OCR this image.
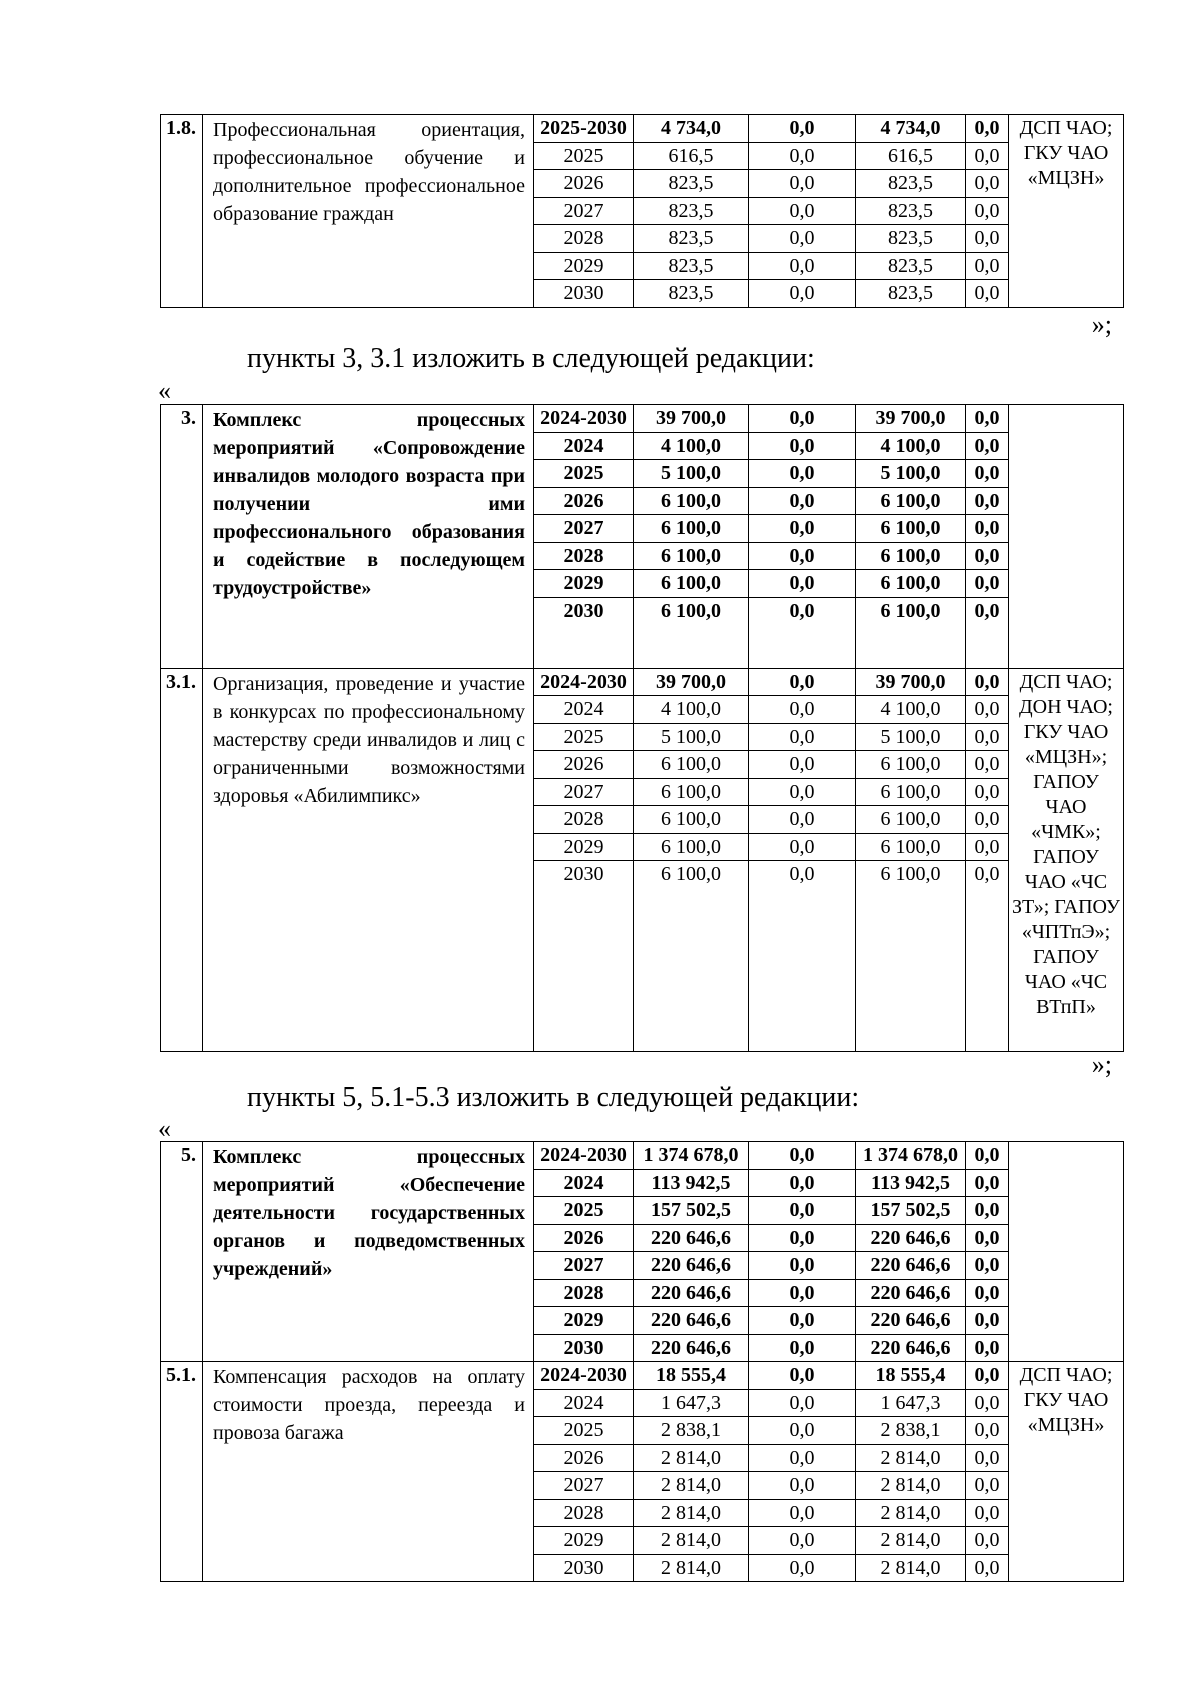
1.8.	Профессиональная ориентация, профессиональное обучение и дополнительное профессиональное образование граждан	2025-2030	4 734,0	0,0	4 734,0	0,0	ДСП ЧАО; ГКУ ЧАО «МЦЗН»
		2025	616,5	0,0	616,5	0,0	
		2026	823,5	0,0	823,5	0,0	
		2027	823,5	0,0	823,5	0,0	
		2028	823,5	0,0	823,5	0,0	
		2029	823,5	0,0	823,5	0,0	
		2030	823,5	0,0	823,5	0,0	
»;
пункты 3, 3.1 изложить в следующей редакции:
«
3.	Комплекс процессных мероприятий «Сопровождение инвалидов молодого возраста при получении ими профессионального образования и содействие в последующем трудоустройстве»	2024-2030	39 700,0	0,0	39 700,0	0,0	
		2024	4 100,0	0,0	4 100,0	0,0	
		2025	5 100,0	0,0	5 100,0	0,0	
		2026	6 100,0	0,0	6 100,0	0,0	
		2027	6 100,0	0,0	6 100,0	0,0	
		2028	6 100,0	0,0	6 100,0	0,0	
		2029	6 100,0	0,0	6 100,0	0,0	
		2030	6 100,0	0,0	6 100,0	0,0	
3.1.	Организация, проведение и участие в конкурсах по профессиональному мастерству среди инвалидов и лиц с ограниченными возможностями здоровья «Абилимпикс»	2024-2030	39 700,0	0,0	39 700,0	0,0	ДСП ЧАО; ДОН ЧАО; ГКУ ЧАО «МЦЗН»; ГАПОУ ЧАО «ЧМК»; ГАПОУ ЧАО «ЧС ЗТ»; ГАПОУ «ЧПТпЭ»; ГАПОУ ЧАО «ЧС ВТпП»
		2024	4 100,0	0,0	4 100,0	0,0	
		2025	5 100,0	0,0	5 100,0	0,0	
		2026	6 100,0	0,0	6 100,0	0,0	
		2027	6 100,0	0,0	6 100,0	0,0	
		2028	6 100,0	0,0	6 100,0	0,0	
		2029	6 100,0	0,0	6 100,0	0,0	
		2030	6 100,0	0,0	6 100,0	0,0	
»;
пункты 5, 5.1-5.3 изложить в следующей редакции:
«
5.	Комплекс процессных мероприятий «Обеспечение деятельности государственных органов и подведомственных учреждений»	2024-2030	1 374 678,0	0,0	1 374 678,0	0,0	
		2024	113 942,5	0,0	113 942,5	0,0	
		2025	157 502,5	0,0	157 502,5	0,0	
		2026	220 646,6	0,0	220 646,6	0,0	
		2027	220 646,6	0,0	220 646,6	0,0	
		2028	220 646,6	0,0	220 646,6	0,0	
		2029	220 646,6	0,0	220 646,6	0,0	
		2030	220 646,6	0,0	220 646,6	0,0	
5.1.	Компенсация расходов на оплату стоимости проезда, переезда и провоза багажа	2024-2030	18 555,4	0,0	18 555,4	0,0	ДСП ЧАО; ГКУ ЧАО «МЦЗН»
		2024	1 647,3	0,0	1 647,3	0,0	
		2025	2 838,1	0,0	2 838,1	0,0	
		2026	2 814,0	0,0	2 814,0	0,0	
		2027	2 814,0	0,0	2 814,0	0,0	
		2028	2 814,0	0,0	2 814,0	0,0	
		2029	2 814,0	0,0	2 814,0	0,0	
		2030	2 814,0	0,0	2 814,0	0,0	
